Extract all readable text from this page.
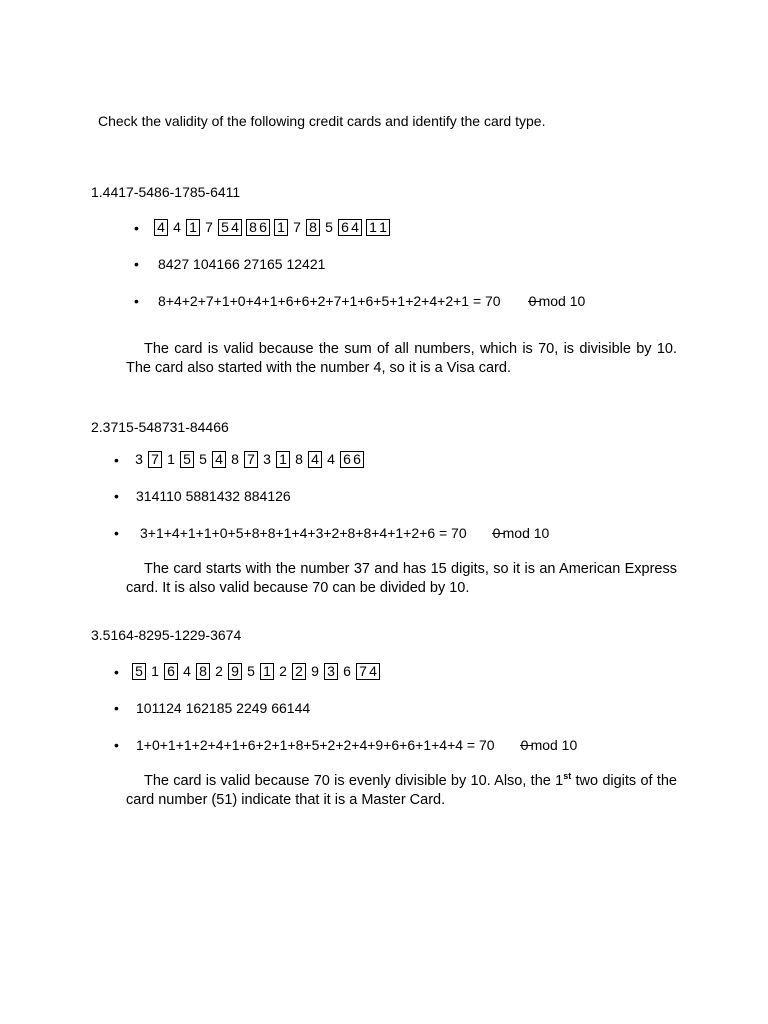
Check the validity of the following credit cards and identify the card type.
1.4417-5486-1785-6411
• 4 4 1 7 5 4 8 6 1 7 8 5 6 4 1 1
• 8427 104166 27165 12421
• 8+4+2+7+1+0+4+1+6+6+2+7+1+6+5+1+2+4+2+1 = 70 0 mod 10
The card is valid because the sum of all numbers, which is 70, is divisible by 10. The card also started with the number 4, so it is a Visa card.
2.3715-548731-84466
• 3 7 1 5 5 4 8 7 3 1 8 4 4 6 6
• 314110 5881432 884126
• 3+1+4+1+1+0+5+8+8+1+4+3+2+8+8+4+1+2+6 = 70 0 mod 10
The card starts with the number 37 and has 15 digits, so it is an American Express card. It is also valid because 70 can be divided by 10.
3.5164-8295-1229-3674
• 5 1 6 4 8 2 9 5 1 2 2 9 3 6 7 4
• 101124 162185 2249 66144
• 1+0+1+1+2+4+1+6+2+1+8+5+2+2+4+9+6+6+1+4+4 = 70 0 mod 10
The card is valid because 70 is evenly divisible by 10. Also, the 1st two digits of the card number (51) indicate that it is a Master Card.
